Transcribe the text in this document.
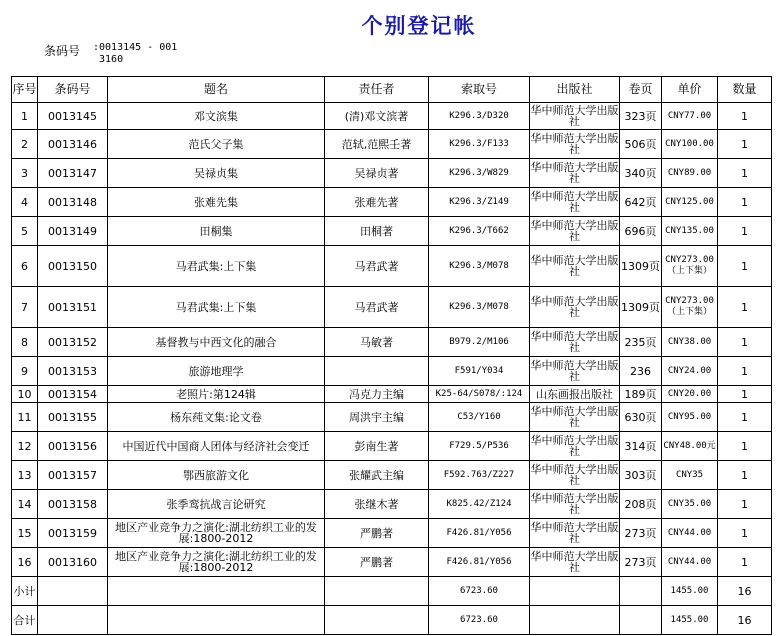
个别登记帐
条码号 :0013145 - 001
3160
序号	条码号	题名	责任者	索取号	出版社	卷页	单价	数量
1	0013145	邓文滨集	(清)邓文滨著	K296.3/D320	华中师范大学出版社	323页	CNY77.00	1
2	0013146	范氏父子集	范轼,范熙壬著	K296.3/F133	华中师范大学出版社	506页	CNY100.00	1
3	0013147	吴禄贞集	吴禄贞著	K296.3/W829	华中师范大学出版社	340页	CNY89.00	1
4	0013148	张难先集	张难先著	K296.3/Z149	华中师范大学出版社	642页	CNY125.00	1
5	0013149	田桐集	田桐著	K296.3/T662	华中师范大学出版社	696页	CNY135.00	1
6	0013150	马君武集:上下集	马君武著	K296.3/M078	华中师范大学出版社	1309页	CNY273.00（上下集）	1
7	0013151	马君武集:上下集	马君武著	K296.3/M078	华中师范大学出版社	1309页	CNY273.00（上下集）	1
8	0013152	基督教与中西文化的融合	马敏著	B979.2/M106	华中师范大学出版社	235页	CNY38.00	1
9	0013153	旅游地理学		F591/Y034	华中师范大学出版社	236	CNY24.00	1
10	0013154	老照片:第124辑	冯克力主编	K25-64/S078/:124	山东画报出版社	189页	CNY20.00	1
11	0013155	杨东莼文集:论文卷	周洪宇主编	C53/Y160	华中师范大学出版社	630页	CNY95.00	1
12	0013156	中国近代中国商人团体与经济社会变迁	彭南生著	F729.5/P536	华中师范大学出版社	314页	CNY48.00元	1
13	0013157	鄂西旅游文化	张耀武主编	F592.763/Z227	华中师范大学出版社	303页	CNY35	1
14	0013158	张季鸾抗战言论研究	张继木著	K825.42/Z124	华中师范大学出版社	208页	CNY35.00	1
15	0013159	地区产业竞争力之演化:湖北纺织工业的发展:1800-2012	严鹏著	F426.81/Y056	华中师范大学出版社	273页	CNY44.00	1
16	0013160	地区产业竞争力之演化:湖北纺织工业的发展:1800-2012	严鹏著	F426.81/Y056	华中师范大学出版社	273页	CNY44.00	1
小计				6723.60			1455.00	16
合计				6723.60			1455.00	16
